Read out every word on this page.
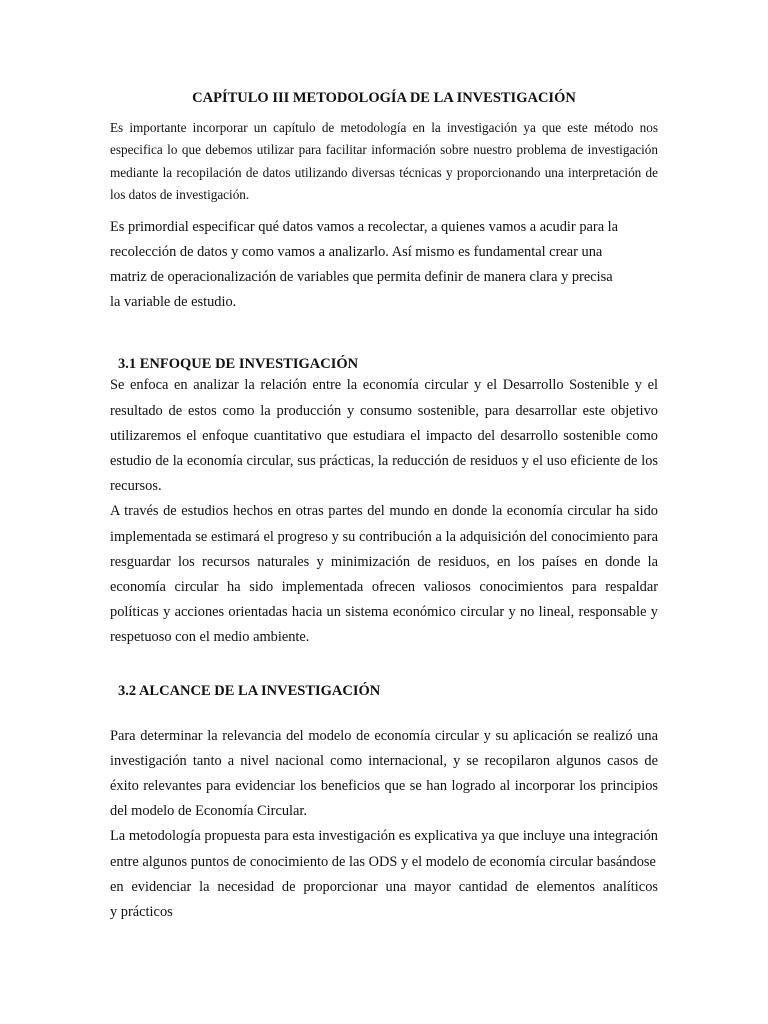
CAPÍTULO III METODOLOGÍA DE LA INVESTIGACIÓN

Es importante incorporar un capítulo de metodología en la investigación ya que este método nos especifica lo que debemos utilizar para facilitar información sobre nuestro problema de investigación mediante la recopilación de datos utilizando diversas técnicas y proporcionando una interpretación de los datos de investigación.

Es primordial especificar qué datos vamos a recolectar, a quienes vamos a acudir para la
recolección de datos y como vamos a analizarlo. Así mismo es fundamental crear una
matriz de operacionalización de variables que permita definir de manera clara y precisa
la variable de estudio.

3.1 ENFOQUE DE INVESTIGACIÓN

Se enfoca en analizar la relación entre la economía circular y el Desarrollo Sostenible y el resultado de estos como la producción y consumo sostenible, para desarrollar este objetivo utilizaremos el enfoque cuantitativo que estudiara el impacto del desarrollo sostenible como estudio de la economía circular, sus prácticas, la reducción de residuos y el uso eficiente de los recursos.

A través de estudios hechos en otras partes del mundo en donde la economía circular ha sido implementada se estimará el progreso y su contribución a la adquisición del conocimiento para resguardar los recursos naturales y minimización de residuos, en los países en donde la economía circular ha sido implementada ofrecen valiosos conocimientos para respaldar políticas y acciones orientadas hacia un sistema económico circular y no lineal, responsable y respetuoso con el medio ambiente.

3.2 ALCANCE DE LA INVESTIGACIÓN

Para determinar la relevancia del modelo de economía circular y su aplicación se realizó una investigación tanto a nivel nacional como internacional, y se recopilaron algunos casos de éxito relevantes para evidenciar los beneficios que se han logrado al incorporar los principios del modelo de Economía Circular.

La metodología propuesta para esta investigación es explicativa ya que incluye una integración entre algunos puntos de conocimiento de las ODS y el modelo de economía circular basándose

en evidenciar la necesidad de proporcionar una mayor cantidad de elementos analíticos
y prácticos
